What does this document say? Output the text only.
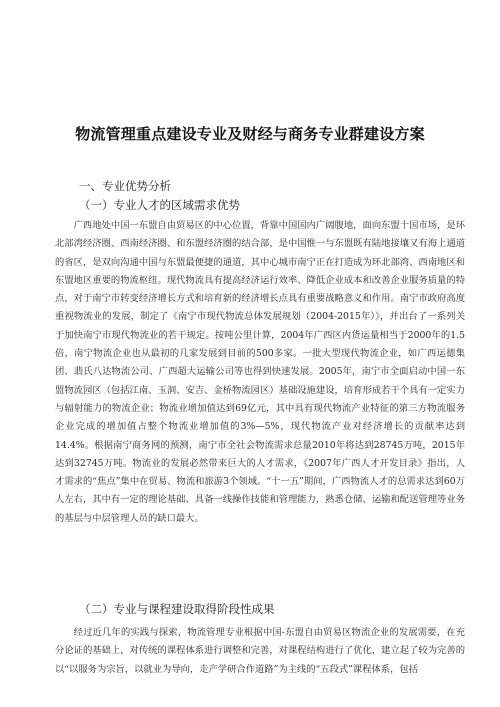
物流管理重点建设专业及财经与商务专业群建设方案
一、专业优势分析
（一）专业人才的区域需求优势
广西地处中国一东盟自由贸易区的中心位置，背靠中国国内广阔腹地，面向东盟十国市场，是环北部湾经济圈、西南经济圈、和东盟经济圈的结合部，是中国惟一与东盟既有陆地接壤又有海上通道的省区，是双向沟通中国与东盟最便捷的通道，其中心城市南宁正在打造成为环北部湾、西南地区和东盟地区重要的物流枢纽。现代物流具有提高经济运行效率、降低企业成本和改善企业服务质量的特点，对于南宁市转变经济增长方式和培育新的经济增长点具有重要战略意义和作用。南宁市政府高度重视物流业的发展，制定了《南宁市现代物流总体发展规划（2004-2015年）》，并出台了一系列关于加快南宁市现代物流业的若干规定。按吨公里计算，2004年广西区内货运量相当于2000年的1.5倍，南宁物流企业也从最初的几家发展到目前的500多家。一批大型现代物流企业，如广西运德集团、翡氏八达物流公司、广西超大运输公司等也得到快速发展。2005年，南宁市全面启动中国一东盟物流园区（包括江南、玉洞、安吉、金桥物流园区）基础设施建设，培育形成若干个具有一定实力与辐射能力的物流企业；物流业增加值达到69亿元，其中具有现代物流产业特征的第三方物流服务企业完成的增加值占整个物流业增加值的3%—5%，现代物流产业对经济增长的贡献率达到14.4%。根据南宁商务网的预测，南宁市全社会物流需求总量2010年将达到28745万吨，2015年达到32745万吨。物流业的发展必然带来巨大的人才需求，《2007年广西人才开发目录》指出，人才需求的“焦点”集中在贸易、物流和旅游3个领域。“十一五”期间，广西物流人才的总需求达到60万人左右，其中有一定的理论基础、具备一线操作技能和管理能力，熟悉仓储、运输和配送管理等业务的基层与中层管理人员的缺口最大。
（二）专业与课程建设取得阶段性成果
经过近几年的实践与探索，物流管理专业根据中国-东盟自由贸易区物流企业的发展需要，在充分论证的基础上，对传统的课程体系进行调整和完善，对课程结构进行了优化，建立起了较为完善的以“以服务为宗旨，以就业为导向，走产学研合作道路”为主线的“五段式”课程体系，包括
